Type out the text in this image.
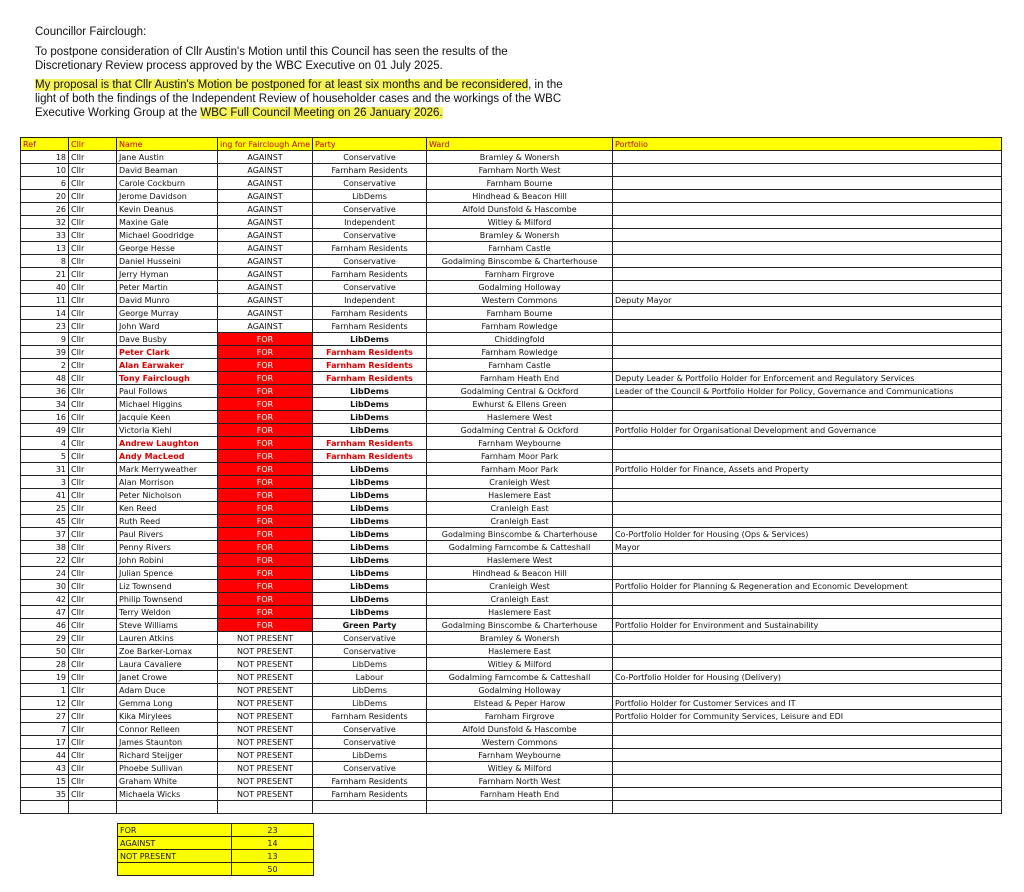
Councillor Fairclough:
To postpone consideration of Cllr Austin's Motion until this Council has seen the results of the Discretionary Review process approved by the WBC Executive on 01 July 2025.
My proposal is that Cllr Austin's Motion be postponed for at least six months and be reconsidered, in the light of both the findings of the Independent Review of householder cases and the workings of the WBC Executive Working Group at the WBC Full Council Meeting on 26 January 2026.
Ref	Cllr	Name	ing for Fairclough Ame	Party	Ward	Portfolio
18	Cllr	Jane Austin	AGAINST	Conservative	Bramley & Wonersh	
10	Cllr	David Beaman	AGAINST	Farnham Residents	Farnham North West	
6	Cllr	Carole Cockburn	AGAINST	Conservative	Farnham Bourne	
20	Cllr	Jerome Davidson	AGAINST	LibDems	Hindhead & Beacon Hill	
26	Cllr	Kevin Deanus	AGAINST	Conservative	Alfold Dunsfold & Hascombe	
32	Cllr	Maxine Gale	AGAINST	Independent	Witley & Milford	
33	Cllr	Michael Goodridge	AGAINST	Conservative	Bramley & Wonersh	
13	Cllr	George Hesse	AGAINST	Farnham Residents	Farnham Castle	
8	Cllr	Daniel Husseini	AGAINST	Conservative	Godalming Binscombe & Charterhouse	
21	Cllr	Jerry Hyman	AGAINST	Farnham Residents	Farnham Firgrove	
40	Cllr	Peter Martin	AGAINST	Conservative	Godalming Holloway	
11	Cllr	David Munro	AGAINST	Independent	Western Commons	Deputy Mayor
14	Cllr	George Murray	AGAINST	Farnham Residents	Farnham Bourne	
23	Cllr	John Ward	AGAINST	Farnham Residents	Farnham Rowledge	
9	Cllr	Dave Busby	FOR	LibDems	Chiddingfold	
39	Cllr	Peter Clark	FOR	Farnham Residents	Farnham Rowledge	
2	Cllr	Alan Earwaker	FOR	Farnham Residents	Farnham Castle	
48	Cllr	Tony Fairclough	FOR	Farnham Residents	Farnham Heath End	Deputy Leader & Portfolio Holder for Enforcement and Regulatory Services
36	Cllr	Paul Follows	FOR	LibDems	Godalming Central & Ockford	Leader of the Council & Portfolio Holder for Policy, Governance and Communications
34	Cllr	Michael Higgins	FOR	LibDems	Ewhurst & Ellens Green	
16	Cllr	Jacquie Keen	FOR	LibDems	Haslemere West	
49	Cllr	Victoria Kiehl	FOR	LibDems	Godalming Central & Ockford	Portfolio Holder for Organisational Development and Governance
4	Cllr	Andrew Laughton	FOR	Farnham Residents	Farnham Weybourne	
5	Cllr	Andy MacLeod	FOR	Farnham Residents	Farnham Moor Park	
31	Cllr	Mark Merryweather	FOR	LibDems	Farnham Moor Park	Portfolio Holder for Finance, Assets and Property
3	Cllr	Alan Morrison	FOR	LibDems	Cranleigh West	
41	Cllr	Peter Nicholson	FOR	LibDems	Haslemere East	
25	Cllr	Ken Reed	FOR	LibDems	Cranleigh East	
45	Cllr	Ruth Reed	FOR	LibDems	Cranleigh East	
37	Cllr	Paul Rivers	FOR	LibDems	Godalming Binscombe & Charterhouse	Co-Portfolio Holder for Housing (Ops & Services)
38	Cllr	Penny Rivers	FOR	LibDems	Godalming Farncombe & Catteshall	Mayor
22	Cllr	John Robini	FOR	LibDems	Haslemere West	
24	Cllr	Julian Spence	FOR	LibDems	Hindhead & Beacon Hill	
30	Cllr	Liz Townsend	FOR	LibDems	Cranleigh West	Portfolio Holder for Planning & Regeneration and Economic Development
42	Cllr	Philip Townsend	FOR	LibDems	Cranleigh East	
47	Cllr	Terry Weldon	FOR	LibDems	Haslemere East	
46	Cllr	Steve Williams	FOR	Green Party	Godalming Binscombe & Charterhouse	Portfolio Holder for Environment and Sustainability
29	Cllr	Lauren Atkins	NOT PRESENT	Conservative	Bramley & Wonersh	
50	Cllr	Zoe Barker-Lomax	NOT PRESENT	Conservative	Haslemere East	
28	Cllr	Laura Cavaliere	NOT PRESENT	LibDems	Witley & Milford	
19	Cllr	Janet Crowe	NOT PRESENT	Labour	Godalming Farncombe & Catteshall	Co-Portfolio Holder for Housing (Delivery)
1	Cllr	Adam Duce	NOT PRESENT	LibDems	Godalming Holloway	
12	Cllr	Gemma Long	NOT PRESENT	LibDems	Elstead & Peper Harow	Portfolio Holder for Customer Services and IT
27	Cllr	Kika Mirylees	NOT PRESENT	Farnham Residents	Farnham Firgrove	Portfolio Holder for Community Services, Leisure and EDI
7	Cllr	Connor Relleen	NOT PRESENT	Conservative	Alfold Dunsfold & Hascombe	
17	Cllr	James Staunton	NOT PRESENT	Conservative	Western Commons	
44	Cllr	Richard Steijger	NOT PRESENT	LibDems	Farnham Weybourne	
43	Cllr	Phoebe Sullivan	NOT PRESENT	Conservative	Witley & Milford	
15	Cllr	Graham White	NOT PRESENT	Farnham Residents	Farnham North West	
35	Cllr	Michaela Wicks	NOT PRESENT	Farnham Residents	Farnham Heath End	

FOR	23
AGAINST	14
NOT PRESENT	13
	50
